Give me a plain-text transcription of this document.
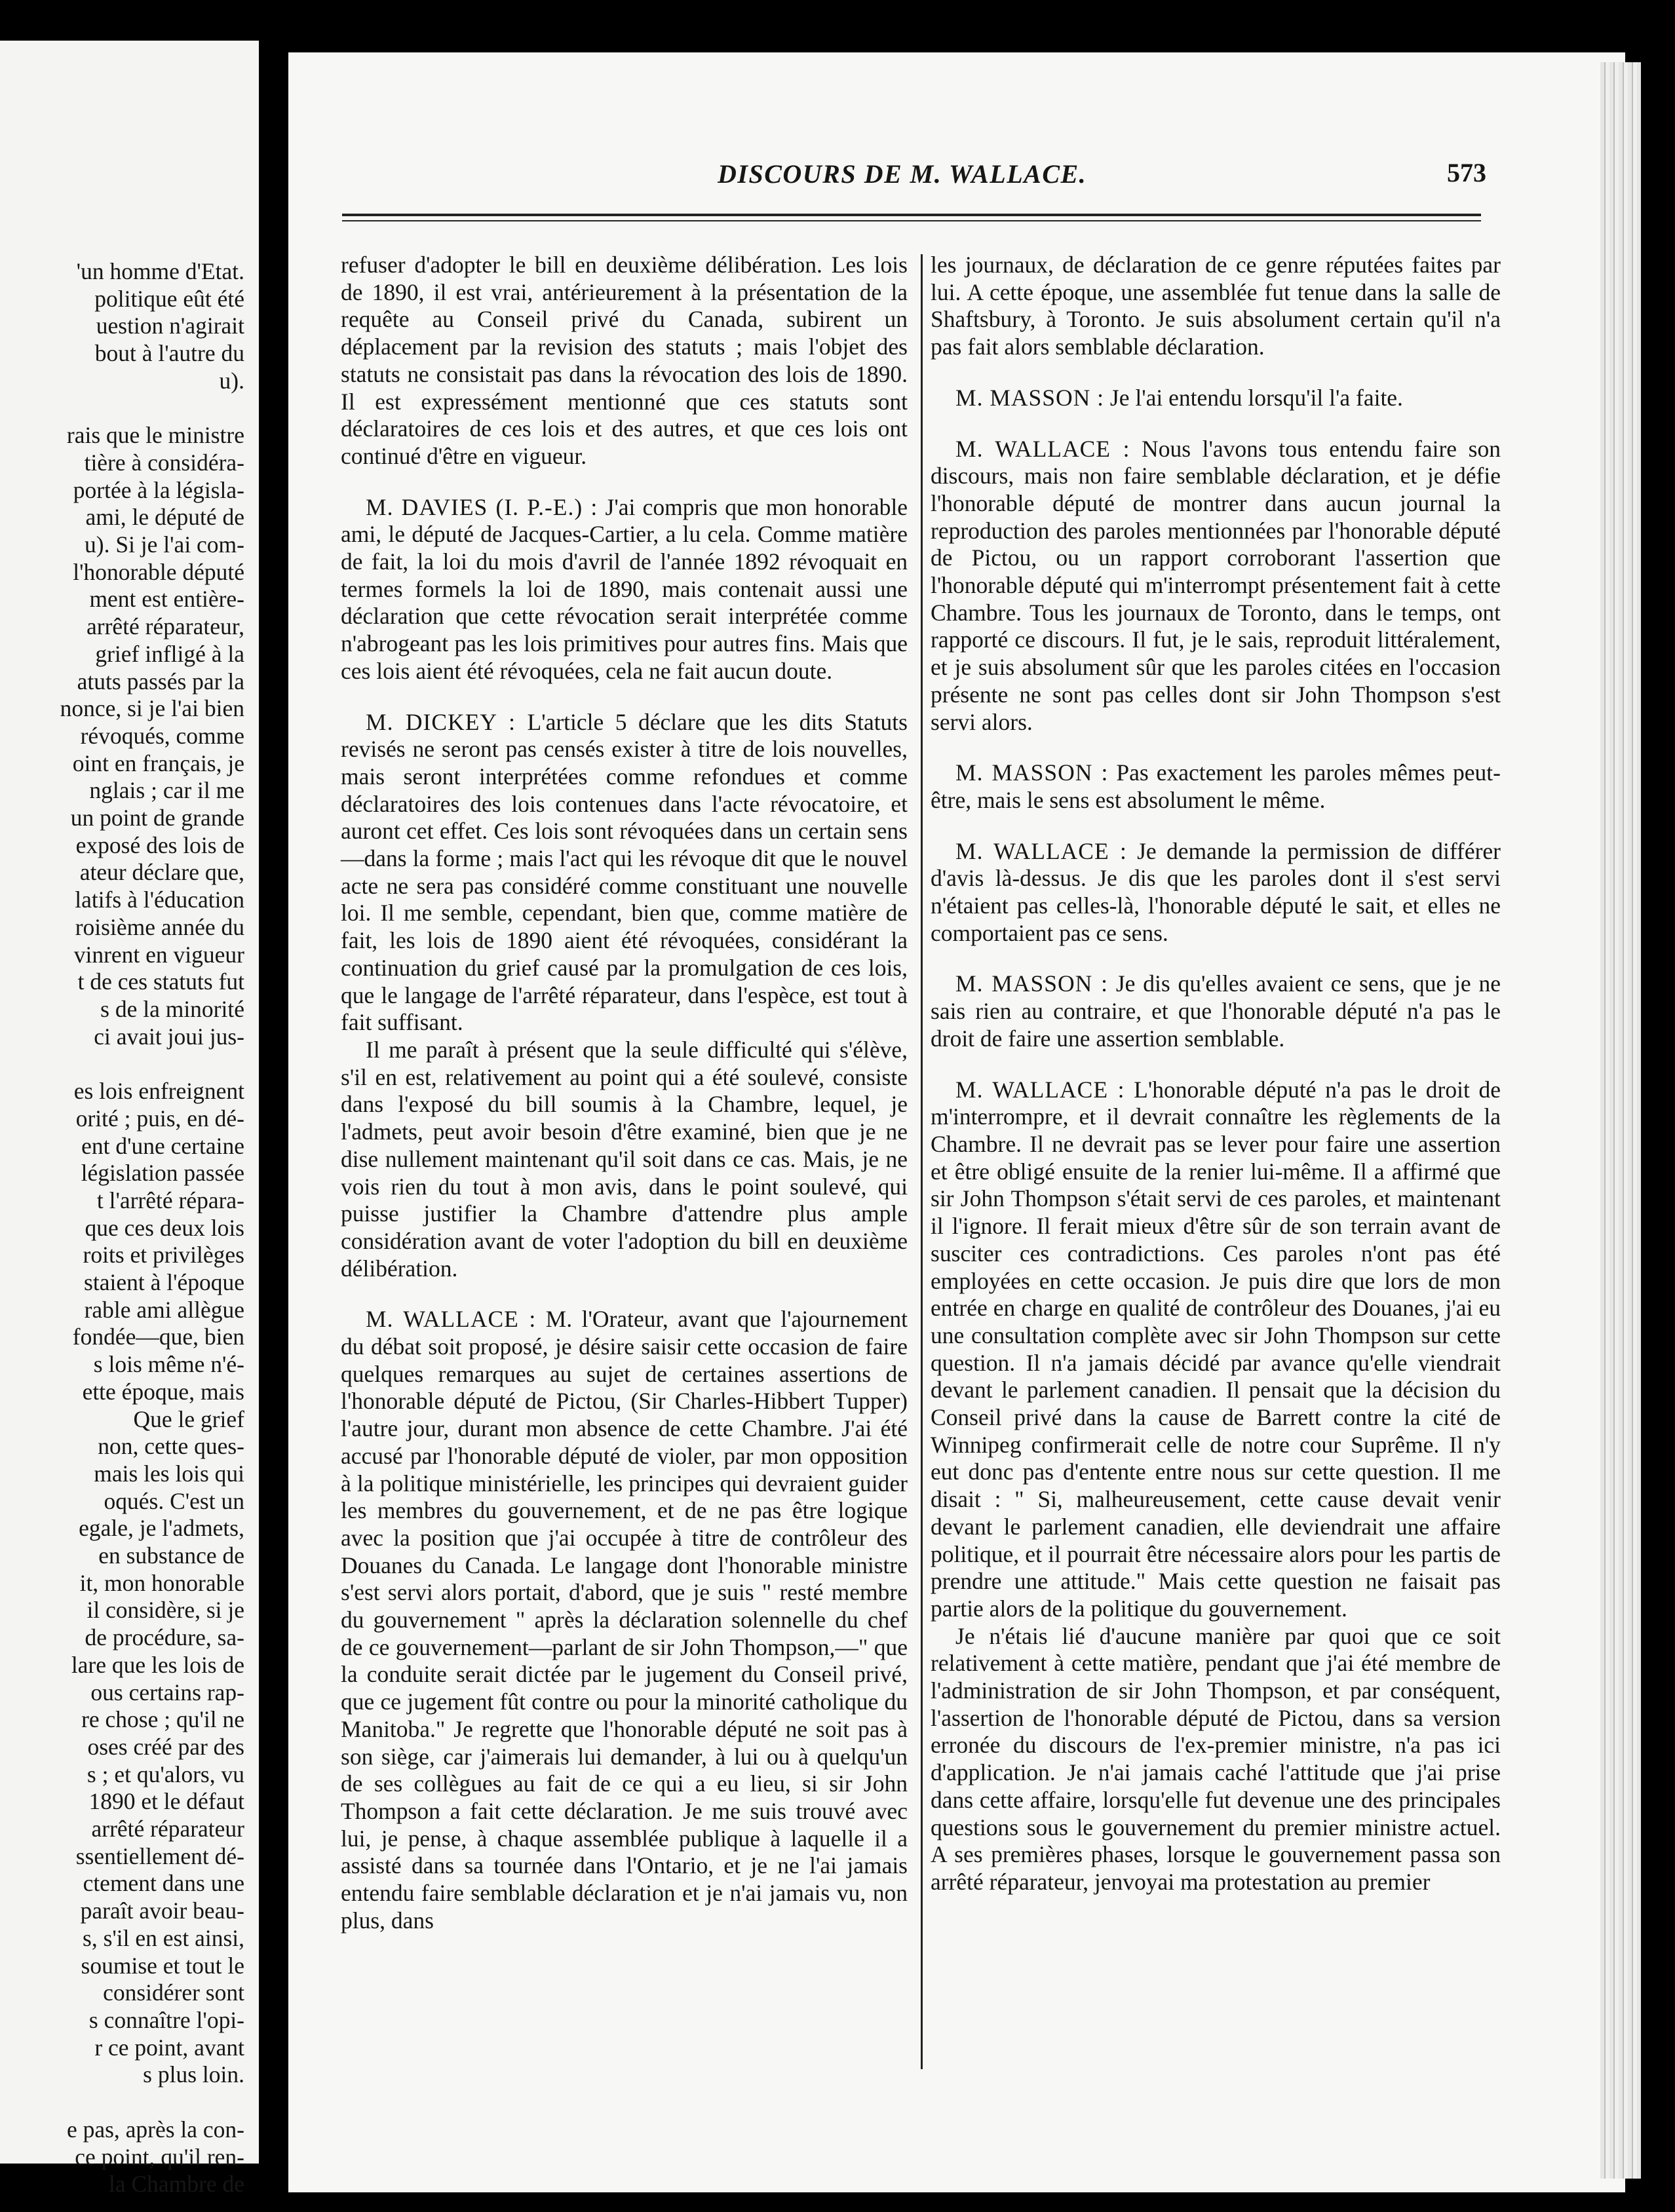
'un homme d'Etat.

politique eût été

uestion n'agirait

bout à l'autre du

u).

rais que le ministre

tière à considéra-

portée à la législa-

ami, le député de

u). Si je l'ai com-

l'honorable député

ment est entière-

arrêté réparateur,

grief infligé à la

atuts passés par la

nonce, si je l'ai bien

révoqués, comme

oint en français, je

nglais ; car il me

un point de grande

exposé des lois de

ateur déclare que,

latifs à l'éducation

roisième année du

vinrent en vigueur

t de ces statuts fut

s de la minorité

ci avait joui jus-

es lois enfreignent

orité ; puis, en dé-

ent d'une certaine

législation passée

t l'arrêté répara-

que ces deux lois

roits et privilèges

staient à l'époque

rable ami allègue

fondée—que, bien

s lois même n'é-

ette époque, mais

Que le grief

non, cette ques-

mais les lois qui

oqués. C'est un

egale, je l'admets,

en substance de

it, mon honorable

il considère, si je

de procédure, sa-

lare que les lois de

ous certains rap-

re chose ; qu'il ne

oses créé par des

s ; et qu'alors, vu

1890 et le défaut

arrêté réparateur

ssentiellement dé-

ctement dans une

paraît avoir beau-

s, s'il en est ainsi,

soumise et tout le

considérer sont

s connaître l'opi-

r ce point, avant

s plus loin.

e pas, après la con-

ce point, qu'il ren-

la Chambre de

DISCOURS DE M. WALLACE.	573

refuser d'adopter le bill en deuxième délibération. Les lois de 1890, il est vrai, antérieurement à la présentation de la requête au Conseil privé du Canada, subirent un déplacement par la revision des statuts ; mais l'objet des statuts ne consistait pas dans la révocation des lois de 1890. Il est expressément mentionné que ces statuts sont déclaratoires de ces lois et des autres, et que ces lois ont continué d'être en vigueur.

M. DAVIES (I. P.-E.) : J'ai compris que mon honorable ami, le député de Jacques-Cartier, a lu cela. Comme matière de fait, la loi du mois d'avril de l'année 1892 révoquait en termes formels la loi de 1890, mais contenait aussi une déclaration que cette révocation serait interprétée comme n'abrogeant pas les lois primitives pour autres fins. Mais que ces lois aient été révoquées, cela ne fait aucun doute.

M. DICKEY : L'article 5 déclare que les dits Statuts revisés ne seront pas censés exister à titre de lois nouvelles, mais seront interprétées comme refondues et comme déclaratoires des lois contenues dans l'acte révocatoire, et auront cet effet. Ces lois sont révoquées dans un certain sens—dans la forme ; mais l'act qui les révoque dit que le nouvel acte ne sera pas considéré comme constituant une nouvelle loi. Il me semble, cependant, bien que, comme matière de fait, les lois de 1890 aient été révoquées, considérant la continuation du grief causé par la promulgation de ces lois, que le langage de l'arrêté réparateur, dans l'espèce, est tout à fait suffisant.

Il me paraît à présent que la seule difficulté qui s'élève, s'il en est, relativement au point qui a été soulevé, consiste dans l'exposé du bill soumis à la Chambre, lequel, je l'admets, peut avoir besoin d'être examiné, bien que je ne dise nullement maintenant qu'il soit dans ce cas. Mais, je ne vois rien du tout à mon avis, dans le point soulevé, qui puisse justifier la Chambre d'attendre plus ample considération avant de voter l'adoption du bill en deuxième délibération.

M. WALLACE : M. l'Orateur, avant que l'ajournement du débat soit proposé, je désire saisir cette occasion de faire quelques remarques au sujet de certaines assertions de l'honorable député de Pictou, (Sir Charles-Hibbert Tupper) l'autre jour, durant mon absence de cette Chambre. J'ai été accusé par l'honorable député de violer, par mon opposition à la politique ministérielle, les principes qui devraient guider les membres du gouvernement, et de ne pas être logique avec la position que j'ai occupée à titre de contrôleur des Douanes du Canada. Le langage dont l'honorable ministre s'est servi alors portait, d'abord, que je suis " resté membre du gouvernement " après la déclaration solennelle du chef de ce gouvernement—parlant de sir John Thompson,—" que la conduite serait dictée par le jugement du Conseil privé, que ce jugement fût contre ou pour la minorité catholique du Manitoba." Je regrette que l'honorable député ne soit pas à son siège, car j'aimerais lui demander, à lui ou à quelqu'un de ses collègues au fait de ce qui a eu lieu, si sir John Thompson a fait cette déclaration. Je me suis trouvé avec lui, je pense, à chaque assemblée publique à laquelle il a assisté dans sa tournée dans l'Ontario, et je ne l'ai jamais entendu faire semblable déclaration et je n'ai jamais vu, non plus, dans

les journaux, de déclaration de ce genre réputées faites par lui. A cette époque, une assemblée fut tenue dans la salle de Shaftsbury, à Toronto. Je suis absolument certain qu'il n'a pas fait alors semblable déclaration.

M. MASSON : Je l'ai entendu lorsqu'il l'a faite.

M. WALLACE : Nous l'avons tous entendu faire son discours, mais non faire semblable déclaration, et je défie l'honorable député de montrer dans aucun journal la reproduction des paroles mentionnées par l'honorable député de Pictou, ou un rapport corroborant l'assertion que l'honorable député qui m'interrompt présentement fait à cette Chambre. Tous les journaux de Toronto, dans le temps, ont rapporté ce discours. Il fut, je le sais, reproduit littéralement, et je suis absolument sûr que les paroles citées en l'occasion présente ne sont pas celles dont sir John Thompson s'est servi alors.

M. MASSON : Pas exactement les paroles mêmes peut-être, mais le sens est absolument le même.

M. WALLACE : Je demande la permission de différer d'avis là-dessus. Je dis que les paroles dont il s'est servi n'étaient pas celles-là, l'honorable député le sait, et elles ne comportaient pas ce sens.

M. MASSON : Je dis qu'elles avaient ce sens, que je ne sais rien au contraire, et que l'honorable député n'a pas le droit de faire une assertion semblable.

M. WALLACE : L'honorable député n'a pas le droit de m'interrompre, et il devrait connaître les règlements de la Chambre. Il ne devrait pas se lever pour faire une assertion et être obligé ensuite de la renier lui-même. Il a affirmé que sir John Thompson s'était servi de ces paroles, et maintenant il l'ignore. Il ferait mieux d'être sûr de son terrain avant de susciter ces contradictions. Ces paroles n'ont pas été employées en cette occasion. Je puis dire que lors de mon entrée en charge en qualité de contrôleur des Douanes, j'ai eu une consultation complète avec sir John Thompson sur cette question. Il n'a jamais décidé par avance qu'elle viendrait devant le parlement canadien. Il pensait que la décision du Conseil privé dans la cause de Barrett contre la cité de Winnipeg confirmerait celle de notre cour Suprême. Il n'y eut donc pas d'entente entre nous sur cette question. Il me disait : " Si, malheureusement, cette cause devait venir devant le parlement canadien, elle deviendrait une affaire politique, et il pourrait être nécessaire alors pour les partis de prendre une attitude." Mais cette question ne faisait pas partie alors de la politique du gouvernement.

Je n'étais lié d'aucune manière par quoi que ce soit relativement à cette matière, pendant que j'ai été membre de l'administration de sir John Thompson, et par conséquent, l'assertion de l'honorable député de Pictou, dans sa version erronée du discours de l'ex-premier ministre, n'a pas ici d'application. Je n'ai jamais caché l'attitude que j'ai prise dans cette affaire, lorsqu'elle fut devenue une des principales questions sous le gouvernement du premier ministre actuel. A ses premières phases, lorsque le gouvernement passa son arrêté réparateur, jenvoyai ma protestation au premier
